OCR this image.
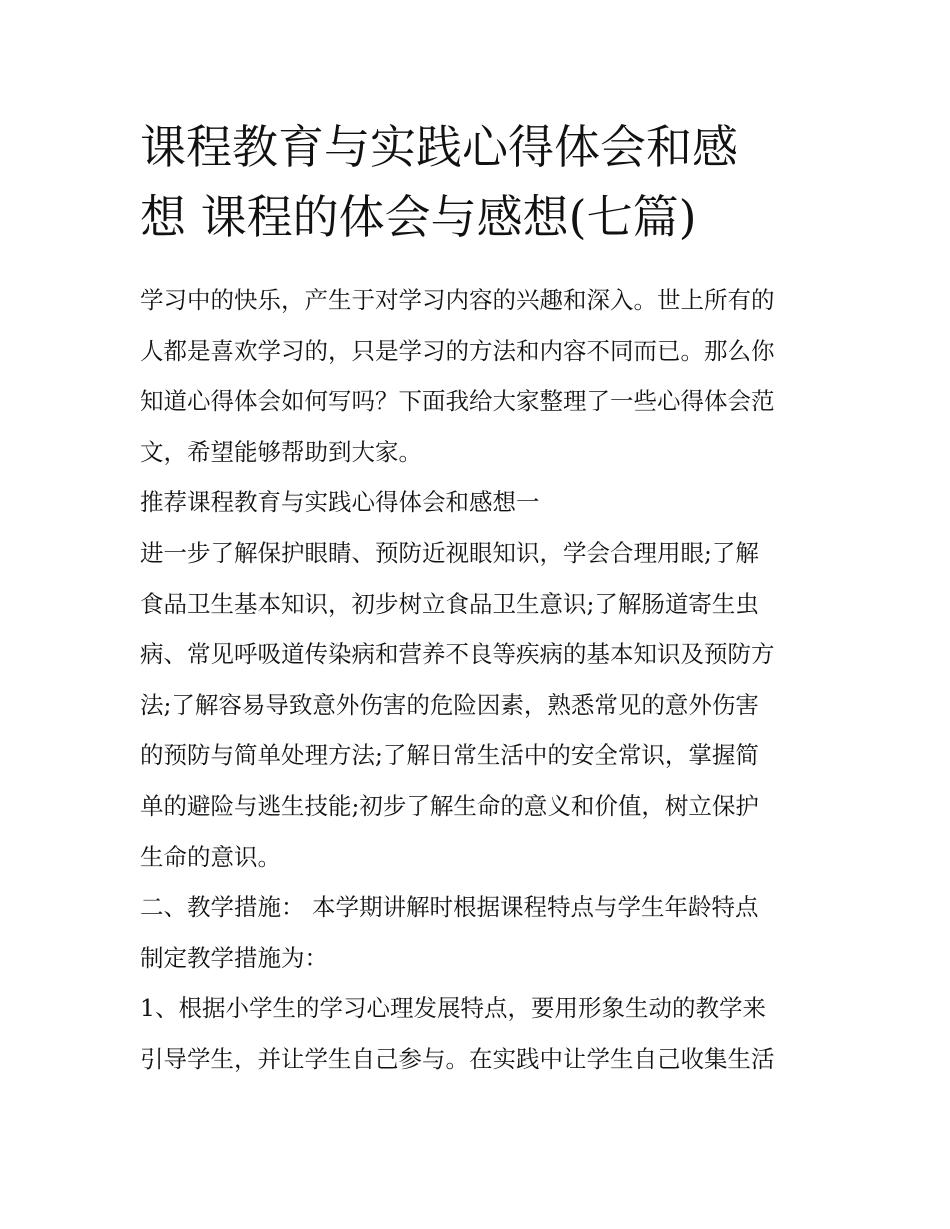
课程教育与实践心得体会和感
想 课程的体会与感想(七篇)

学习中的快乐，产生于对学习内容的兴趣和深入。世上所有的
人都是喜欢学习的，只是学习的方法和内容不同而已。那么你
知道心得体会如何写吗？下面我给大家整理了一些心得体会范
文，希望能够帮助到大家。

推荐课程教育与实践心得体会和感想一

进一步了解保护眼睛、预防近视眼知识，学会合理用眼;了解
食品卫生基本知识，初步树立食品卫生意识;了解肠道寄生虫
病、常见呼吸道传染病和营养不良等疾病的基本知识及预防方
法;了解容易导致意外伤害的危险因素，熟悉常见的意外伤害
的预防与简单处理方法;了解日常生活中的安全常识，掌握简
单的避险与逃生技能;初步了解生命的意义和价值，树立保护
生命的意识。

二、教学措施： 本学期讲解时根据课程特点与学生年龄特点
制定教学措施为：

1、根据小学生的学习心理发展特点，要用形象生动的教学来
引导学生，并让学生自己参与。在实践中让学生自己收集生活
